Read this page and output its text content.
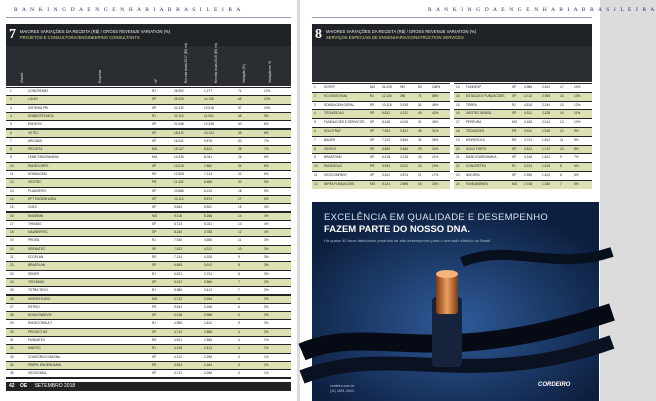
R A N K I N G D A E N G E N H A R I A B R A S I L E I R A
7 MAIORES VARIAÇÕES DA RECEITA (R$) / GROSS REVENUE VARIATION (%)
PROJETOS E CONSULTORIA/ENGINEERING CONSULTANTS
Classif.	Empresa	UF	Receita bruta 2017 (R$ mil)	Receita bruta 2016 (R$ mil)	Variação (%)	Variação em %
1	CONCREMAT	RJ	26.952	1.177	74	12%
2	LOUIS	SP	25.325	14.136	65	10%
3	SISTEMA PRI	SP	24.132	13.018	57	10%
4	SONDOTÉCNICA	RJ	22.119	11.024	45	9%
5	ENGEVIX	SP	21.548	12.336	40	8%
6	VETEC	SP	18.412	10.124	35	8%
7	ARCADIS	SP	16.241	9.876	30	7%
8	PROJETA	MG	15.127	8.512	28	7%
9	LEME ENGENHARIA	MG	14.336	8.031	26	6%
10	ENGECORPS	SP	13.215	7.662	24	6%
11	SONDAGEM	RS	12.508	7.124	22	6%
12	GEOTEC	PR	11.432	6.658	20	5%
13	PLANSERVI	SP	10.886	6.215	18	5%
14	EPT ENGENHARIA	SP	10.112	5.874	17	5%
15	CNEC	SP	9.654	5.502	15	4%
16	ENGEMIN	MG	9.118	5.268	14	4%
17	THEMAG	SP	8.723	5.021	13	4%
18	MAUBERTEC	SP	8.245	4.788	12	4%
19	PROEN	RJ	7.926	4.556	11	3%
20	DRENATEC	SP	7.512	4.312	10	3%
21	ECOPLAN	RS	7.134	4.108	9	3%
22	BRASPLAN	SP	6.845	3.912	8	3%
23	SENER	RJ	6.521	3.724	8	3%
24	TECHNUM	SP	6.212	3.566	7	2%
25	TETRA TECH	RJ	5.986	3.412	7	2%
26	HIDROSTUDIO	MG	5.712	3.254	6	2%
27	ESTEIO	PR	5.434	3.108	6	2%
28	NOVA ENGEVIX	SP	5.218	2.968	5	2%
29	ENGECONSULT	RJ	4.986	2.812	5	2%
30	PROJECTUS	SP	4.712	2.688	4	2%
31	FUNDATEC	RS	4.521	2.556	4	1%
32	HABTEC	RJ	4.318	2.412	4	1%
33	CONSÓRCIO MAGNA	SP	4.112	2.298	3	1%
34	PERFIL ENGENHARIA	PE	3.924	2.164	3	1%
35	GEOSONDA	SP	3.712	2.048	3	1%
42 OE SETEMBRO 2018
R A N K I N G D A E N G E N H A R I A B R A S I L E I R A
8 MAIORES VARIAÇÕES DA RECEITA (R$) / GROSS REVENUE VARIATION (%)
SERVIÇOS ESPECIAIS DE ENGENHARIA/CONSTRUCTION SERVICES
1	SOTEP	MG 34.225	957	83	108%
2	ECOSSISTEMA	RJ	12.130	396	71	68%
3	SONDAGEM GERAL	RS 10.118	3.918	54	48%
4	TECNOSOLO	SP 9.812	4.212	49	42%
5	FUNDACOES E SERVICOS SP 8.436	4.016	41	35%
6	SOLOTRAT	SP 7.924	3.812	38	31%
7	BAUER	SP 7.212	3.644	32	26%
8	GEOFIX	SP 6.835	3.466	29	24%
9	BRASFOND	SP 6.418	3.218	26	21%
10 ENGESOLO	PR 5.934	3.012	23	19%
11 GEOCOMPANY	SP 5.512	2.874	21	17%
12 INFRA FUNDACOES	MG 5.124	2.698	18	15%
13 FUNDESP	SP 4.986	2.512	17	14%
14 ESTACAS E FUNDACOES SP 4.712	2.398	16	13%
15 TERRA	RJ	4.518	2.244	15	12%
16 GEOTEC BRASIL	SP 4.312	2.128	14	11%
17 PERFURA	MG 4.108	2.014	13	10%
18 TECNOGEO	PR 3.912	1.918	12	9%
19 HIDROSOLO	RS 3.724	1.812	11	9%
20 SOLO FORTE	SP 3.512	1.712	10	8%
21 BASE ENGENHARIA	SP 3.318	1.612	9	7%
22 CONCRETEX	RJ	3.124	1.518	8	6%
23 ANCORA	SP 2.936	1.424	8	6%
24 FUNDAMENTA	MG 2.748	1.336	7	5%
EXCELÊNCIA EM QUALIDADE E DESEMPENHO
FAZEM PARTE DO NOSSO DNA.
Há quase 40 anos fabricando produtos de alto desempenho para o mercado elétrico do Brasil.
cordeiro.com.br
(11) 4591-4044
CORDEIRO
